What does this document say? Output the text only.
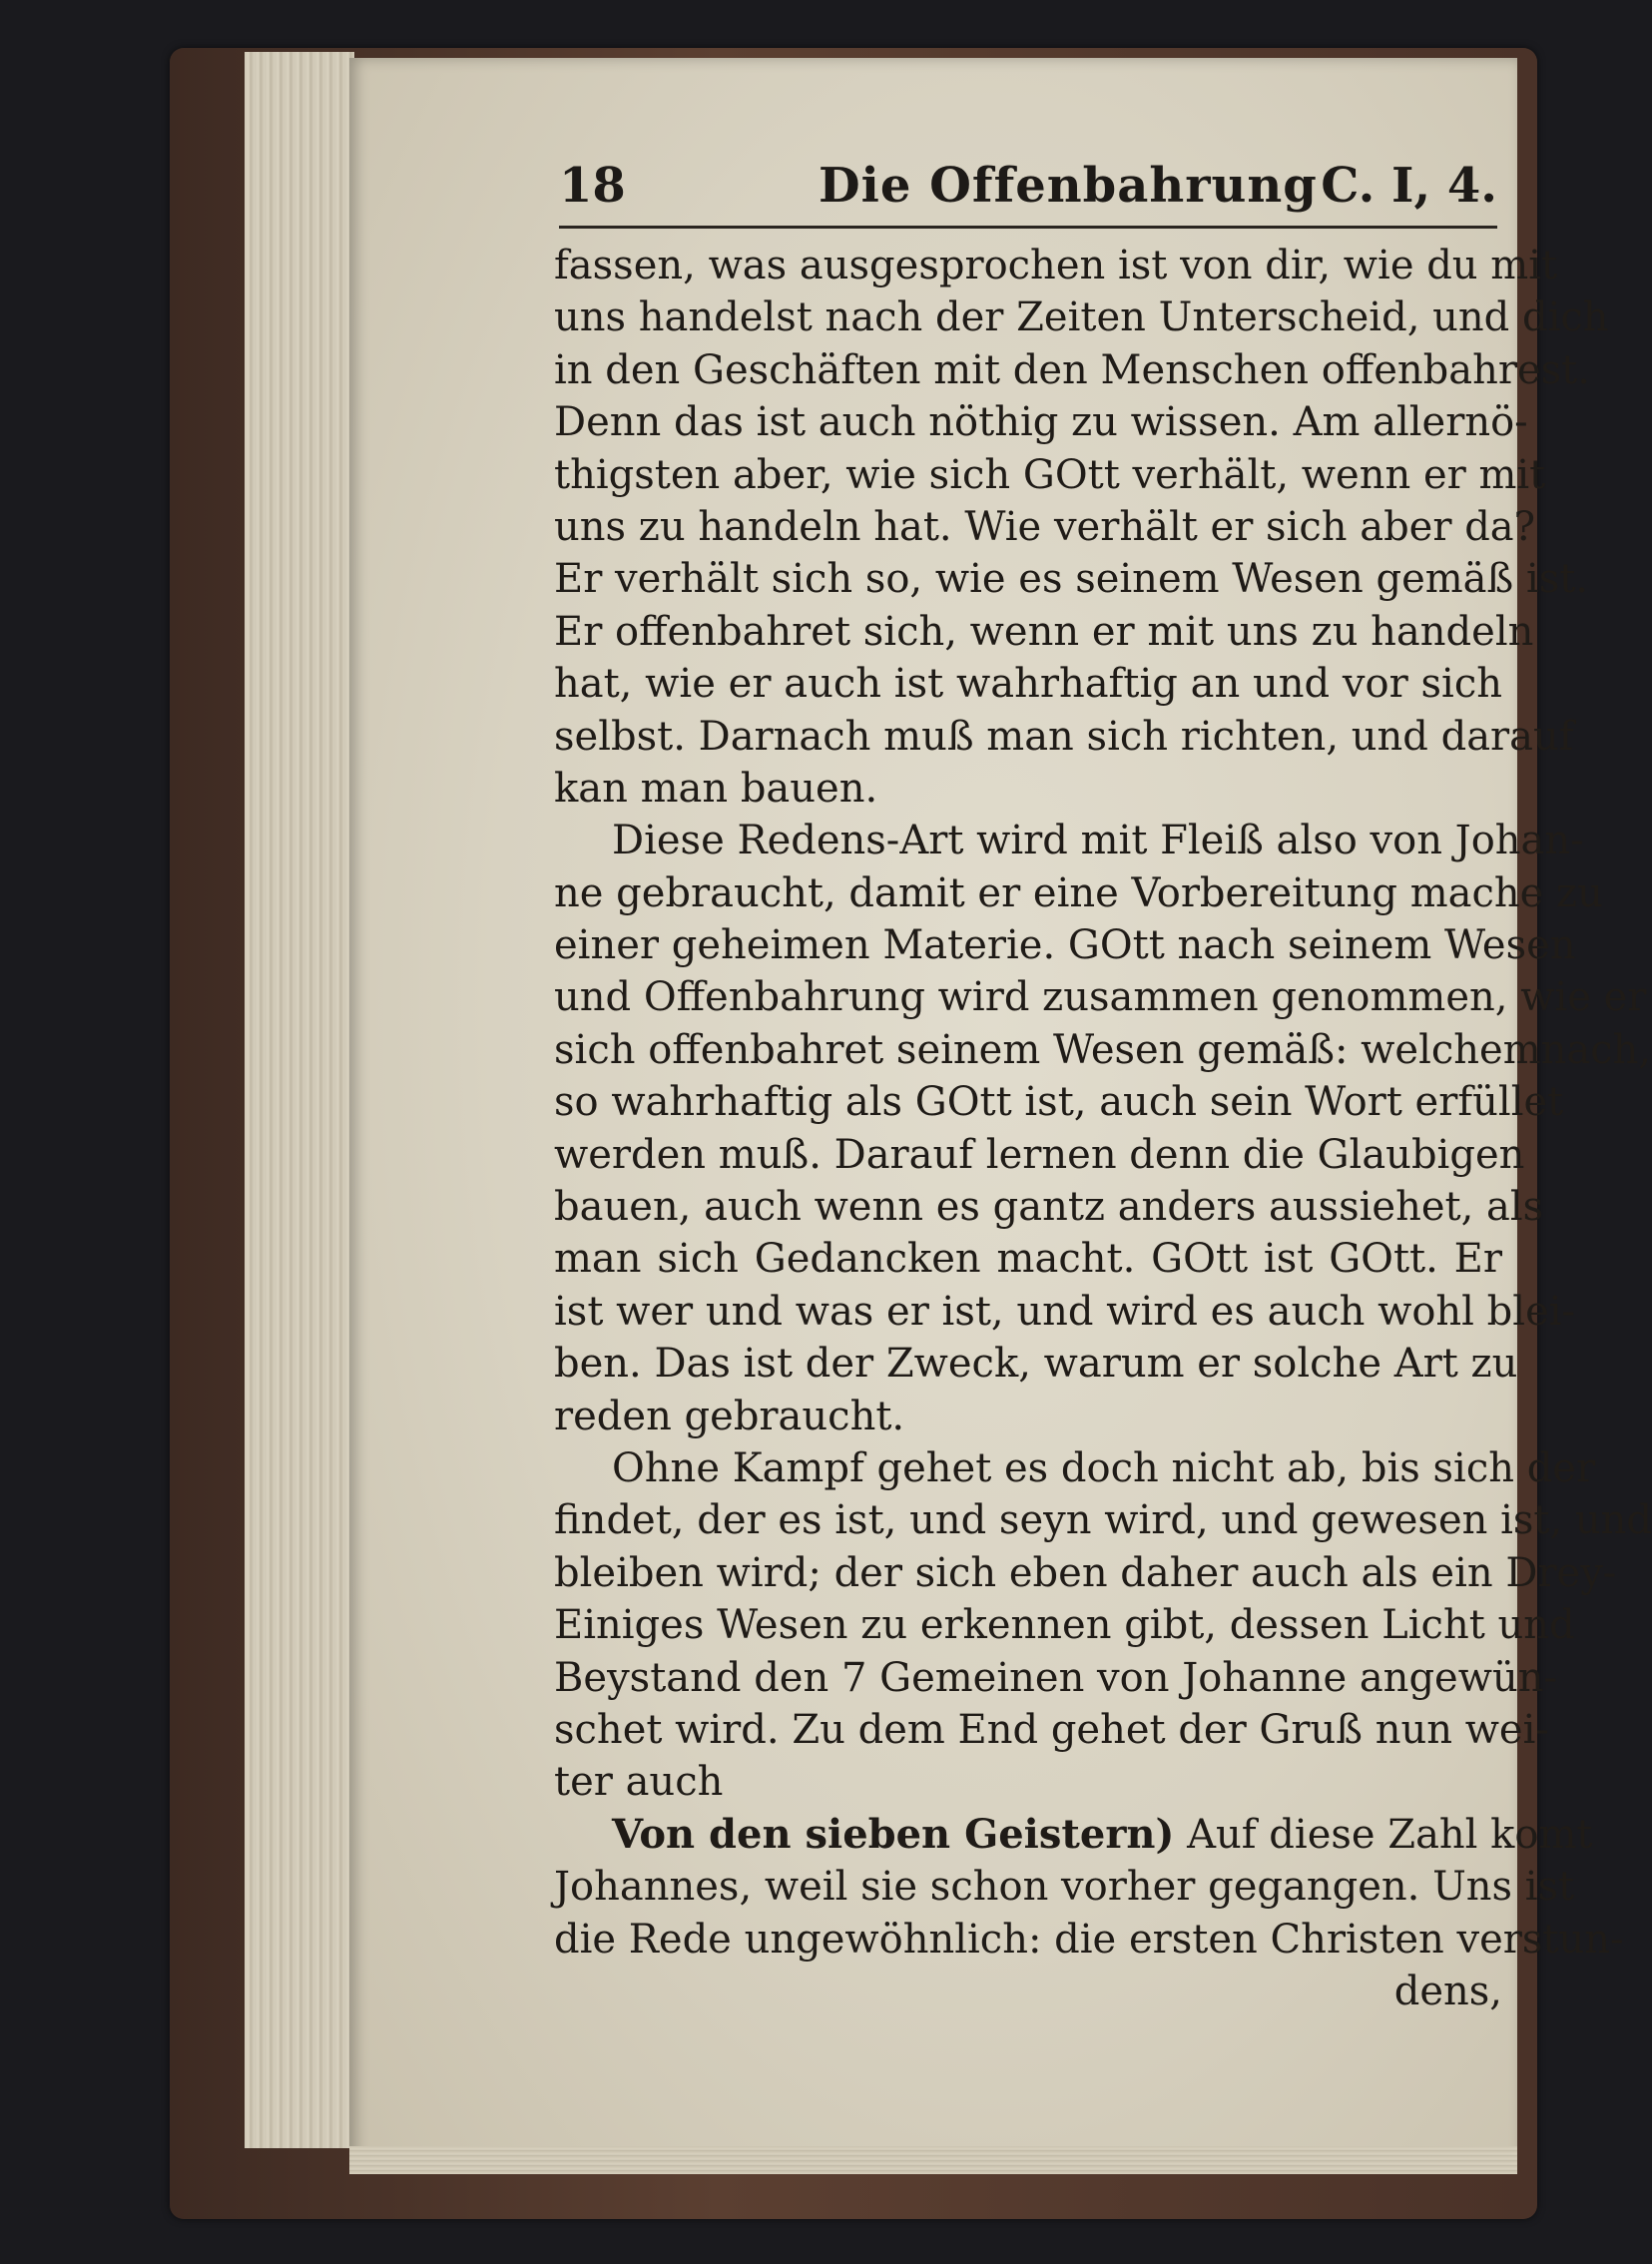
18	Die Offenbahrung C. I, 4.
fassen, was ausgesprochen ist von dir, wie du mit
uns handelst nach der Zeiten Unterscheid, und dich
in den Geschäften mit den Menschen offenbahrest.
Denn das ist auch nöthig zu wissen. Am allernö-
thigsten aber, wie sich GOtt verhält, wenn er mit
uns zu handeln hat. Wie verhält er sich aber da?
Er verhält sich so, wie es seinem Wesen gemäß ist.
Er offenbahret sich, wenn er mit uns zu handeln
hat, wie er auch ist wahrhaftig an und vor sich
selbst. Darnach muß man sich richten, und darauf
kan man bauen.
Diese Redens-Art wird mit Fleiß also von Johan-
ne gebraucht, damit er eine Vorbereitung mache zu
einer geheimen Materie. GOtt nach seinem Wesen
und Offenbahrung wird zusammen genommen, wie er
sich offenbahret seinem Wesen gemäß: welchemnach,
so wahrhaftig als GOtt ist, auch sein Wort erfüllet
werden muß. Darauf lernen denn die Glaubigen
bauen, auch wenn es gantz anders aussiehet, als
man sich Gedancken macht. GOtt ist GOtt. Er
ist wer und was er ist, und wird es auch wohl blei-
ben. Das ist der Zweck, warum er solche Art zu
reden gebraucht.
Ohne Kampf gehet es doch nicht ab, bis sich der
findet, der es ist, und seyn wird, und gewesen ist, und
bleiben wird; der sich eben daher auch als ein Drey-
Einiges Wesen zu erkennen gibt, dessen Licht und
Beystand den 7 Gemeinen von Johanne angewün-
schet wird. Zu dem End gehet der Gruß nun wei-
ter auch
Von den sieben Geistern) Auf diese Zahl komt
Johannes, weil sie schon vorher gegangen. Uns ist
die Rede ungewöhnlich: die ersten Christen verstun-
dens,
